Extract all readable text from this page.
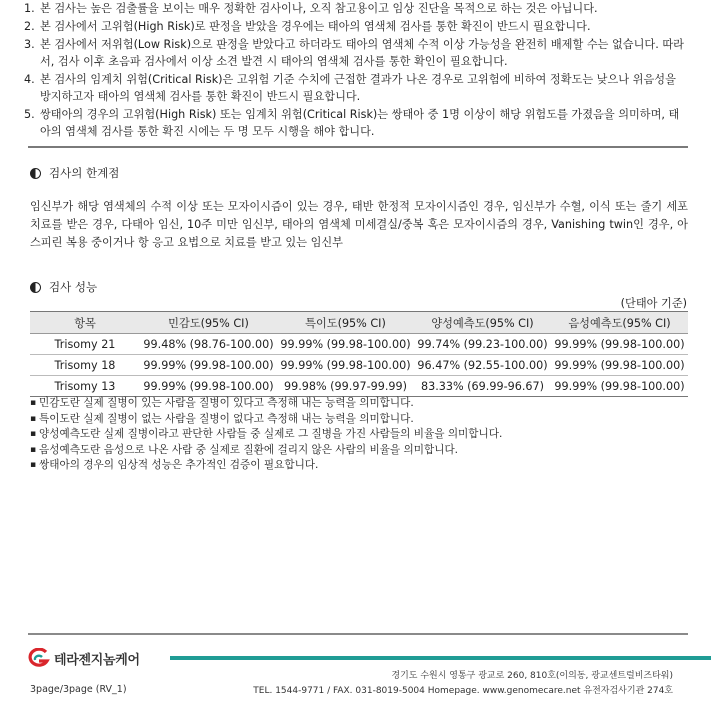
1. 본 검사는 높은 검출률을 보이는 매우 정확한 검사이나, 오직 참고용이고 임상 진단을 목적으로 하는 것은 아닙니다.
2. 본 검사에서 고위험(High Risk)로 판정을 받았을 경우에는 태아의 염색체 검사를 통한 확진이 반드시 필요합니다.
3. 본 검사에서 저위험(Low Risk)으로 판정을 받았다고 하더라도 태아의 염색체 수적 이상 가능성을 완전히 배제할 수는 없습니다. 따라서, 검사 이후 초음파 검사에서 이상 소견 발견 시 태아의 염색체 검사를 통한 확인이 필요합니다.
4. 본 검사의 임계치 위험(Critical Risk)은 고위험 기준 수치에 근접한 결과가 나온 경우로 고위험에 비하여 정확도는 낮으나 위음성을 방지하고자 태아의 염색체 검사를 통한 확진이 반드시 필요합니다.
5. 쌍태아의 경우의 고위험(High Risk) 또는 임계치 위험(Critical Risk)는 쌍태아 중 1명 이상이 해당 위험도를 가졌음을 의미하며, 태아의 염색체 검사를 통한 확진 시에는 두 명 모두 시행을 해야 합니다.
검사의 한계점
임신부가 해당 염색체의 수적 이상 또는 모자이시즘이 있는 경우, 태반 한정적 모자이시즘인 경우, 임신부가 수혈, 이식 또는 줄기 세포 치료를 받은 경우, 다태아 임신, 10주 미만 임신부, 태아의 염색체 미세결실/중복 혹은 모자이시즘의 경우, Vanishing twin인 경우, 아스피린 복용 중이거나 항 응고 요법으로 치료를 받고 있는 임신부
검사 성능
(단태아 기준)
항목	민감도(95% CI)	특이도(95% CI)	양성예측도(95% CI)	음성예측도(95% CI)
Trisomy 21	99.48% (98.76-100.00)	99.99% (99.98-100.00)	99.74% (99.23-100.00)	99.99% (99.98-100.00)
Trisomy 18	99.99% (99.98-100.00)	99.99% (99.98-100.00)	96.47% (92.55-100.00)	99.99% (99.98-100.00)
Trisomy 13	99.99% (99.98-100.00)	99.98% (99.97-99.99)	83.33% (69.99-96.67)	99.99% (99.98-100.00)
▪ 민감도란 실제 질병이 있는 사람을 질병이 있다고 측정해 내는 능력을 의미합니다.
▪ 특이도란 실제 질병이 없는 사람을 질병이 없다고 측정해 내는 능력을 의미합니다.
▪ 양성예측도란 실제 질병이라고 판단한 사람들 중 실제로 그 질병을 가진 사람들의 비율을 의미합니다.
▪ 음성예측도란 음성으로 나온 사람 중 실제로 질환에 걸리지 않은 사람의 비율을 의미합니다.
▪ 쌍태아의 경우의 임상적 성능은 추가적인 검증이 필요합니다.
테라젠지놈케어
경기도 수원시 영통구 광교로 260, 810호(이의동, 광교센트럴비즈타워)
TEL. 1544-9771 / FAX. 031-8019-5004 Homepage. www.genomecare.net 유전자검사기관 274호
3page/3page (RV_1)
